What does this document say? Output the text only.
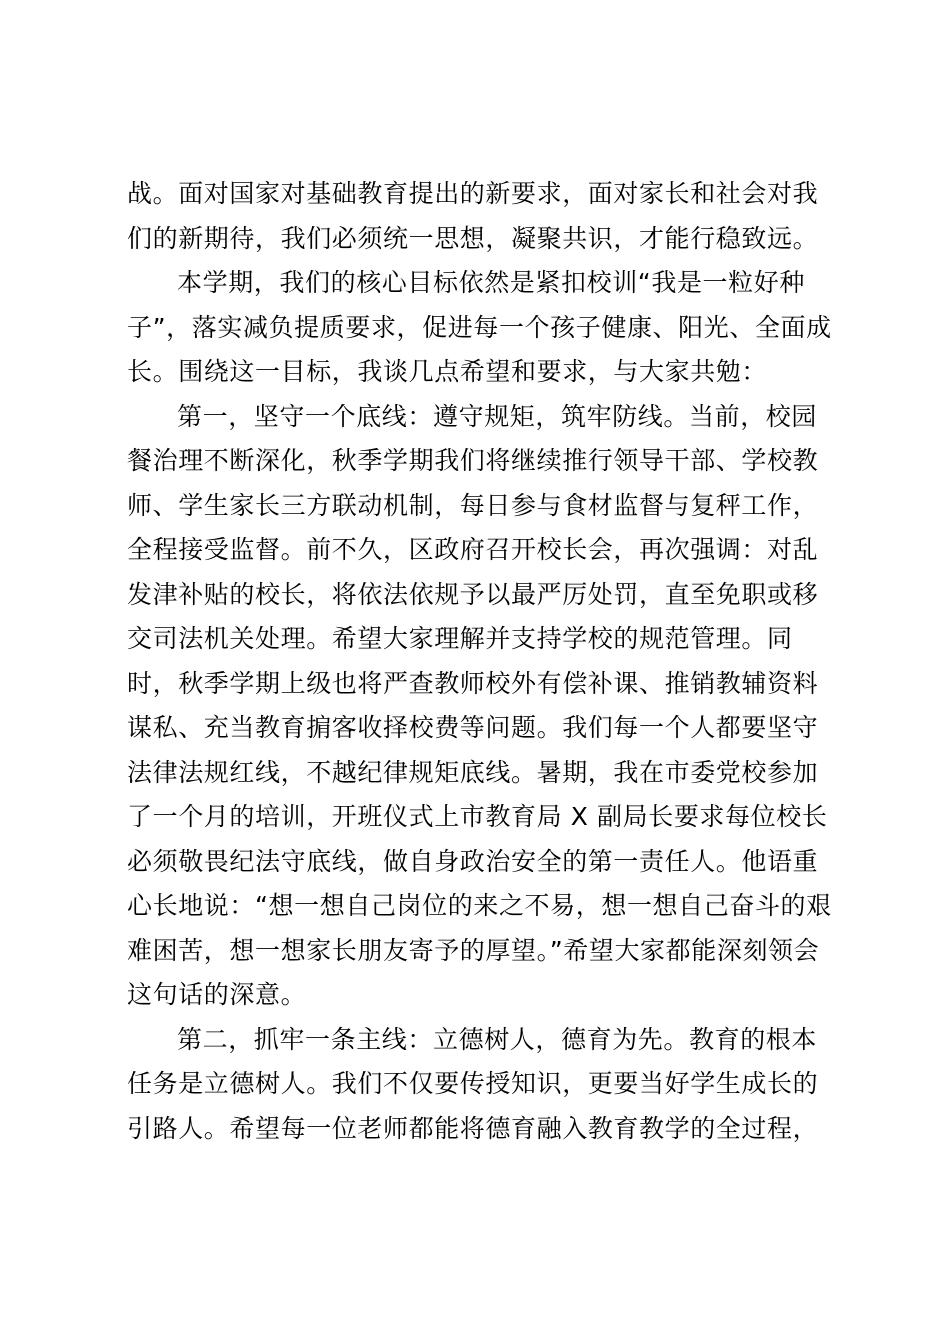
战。面对国家对基础教育提出的新要求，面对家长和社会对我
们的新期待，我们必须统一思想，凝聚共识，才能行稳致远。
本学期，我们的核心目标依然是紧扣校训“我是一粒好种
子”，落实减负提质要求，促进每一个孩子健康、阳光、全面成
长。围绕这一目标，我谈几点希望和要求，与大家共勉：
第一，坚守一个底线：遵守规矩，筑牢防线。当前，校园
餐治理不断深化，秋季学期我们将继续推行领导干部、学校教
师、学生家长三方联动机制，每日参与食材监督与复秤工作，
全程接受监督。前不久，区政府召开校长会，再次强调：对乱
发津补贴的校长，将依法依规予以最严厉处罚，直至免职或移
交司法机关处理。希望大家理解并支持学校的规范管理。同
时，秋季学期上级也将严查教师校外有偿补课、推销教辅资料
谋私、充当教育掮客收择校费等问题。我们每一个人都要坚守
法律法规红线，不越纪律规矩底线。暑期，我在市委党校参加
了一个月的培训，开班仪式上市教育局 X 副局长要求每位校长
必须敬畏纪法守底线，做自身政治安全的第一责任人。他语重
心长地说：“想一想自己岗位的来之不易，想一想自己奋斗的艰
难困苦，想一想家长朋友寄予的厚望。”希望大家都能深刻领会
这句话的深意。
第二，抓牢一条主线：立德树人，德育为先。教育的根本
任务是立德树人。我们不仅要传授知识，更要当好学生成长的
引路人。希望每一位老师都能将德育融入教育教学的全过程，
